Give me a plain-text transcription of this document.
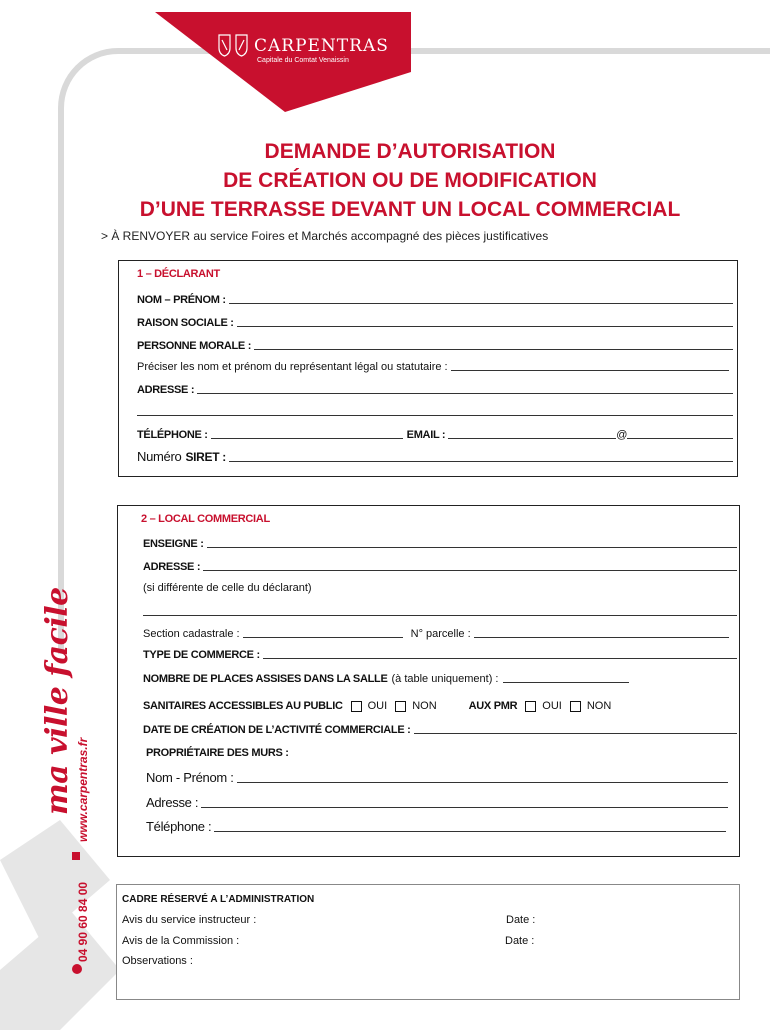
ma ville facile www.carpentras.fr
04 90 60 84 00
CARPENTRAS
Capitale du Comtat Venaissin
DEMANDE D’AUTORISATION
DE CRÉATION OU DE MODIFICATION
D’UNE TERRASSE DEVANT UN LOCAL COMMERCIAL
> À RENVOYER au service Foires et Marchés accompagné des pièces justificatives
1 – DÉCLARANT
NOM – PRÉNOM :
RAISON SOCIALE :
PERSONNE MORALE :
Préciser les nom et prénom du représentant légal ou statutaire :
ADRESSE :
TÉLÉPHONE :	EMAIL :	@
Numéro SIRET :
2 – LOCAL COMMERCIAL
ENSEIGNE :
ADRESSE :
(si différente de celle du déclarant)
Section cadastrale :	N° parcelle :
TYPE DE COMMERCE :
NOMBRE DE PLACES ASSISES DANS LA SALLE (à table uniquement) :
SANITAIRES ACCESSIBLES AU PUBLIC OUI NON	AUX PMR OUI NON
DATE DE CRÉATION DE L’ACTIVITÉ COMMERCIALE :
PROPRIÉTAIRE DES MURS :
Nom - Prénom :
Adresse :
Téléphone :
CADRE RÉSERVÉ A L’ADMINISTRATION
Avis du service instructeur :	Date :
Avis de la Commission :	Date :
Observations :
